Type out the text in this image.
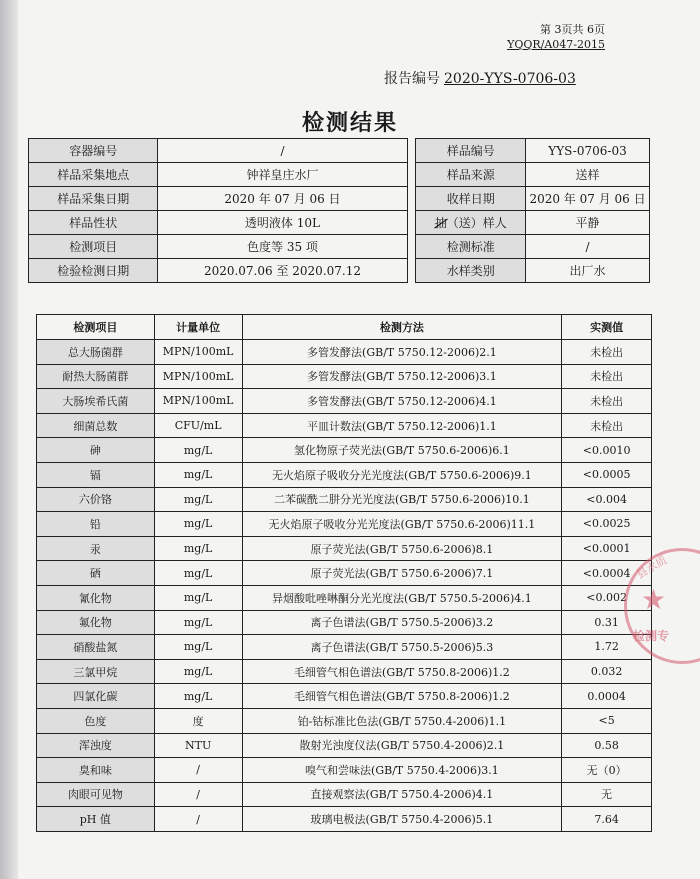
第 3页共 6页
YQQR/A047-2015
报告编号 2020-YYS-0706-03
检测结果
容器编号	/		样品编号	YYS-0706-03
样品采集地点	钟祥皇庄水厂		样品来源	送样
样品采集日期	2020 年 07 月 06 日		收样日期	2020 年 07 月 06 日
样品性状	透明液体 10L		抽（送）样人	平静
检测项目	色度等 35 项		检测标准	/
检验检测日期	2020.07.06 至 2020.07.12		水样类别	出厂水
检测项目	计量单位	检测方法	实测值
总大肠菌群	MPN/100mL	多管发酵法(GB/T 5750.12-2006)2.1	未检出
耐热大肠菌群	MPN/100mL	多管发酵法(GB/T 5750.12-2006)3.1	未检出
大肠埃希氏菌	MPN/100mL	多管发酵法(GB/T 5750.12-2006)4.1	未检出
细菌总数	CFU/mL	平皿计数法(GB/T 5750.12-2006)1.1	未检出
砷	mg/L	氢化物原子荧光法(GB/T 5750.6-2006)6.1	<0.0010
镉	mg/L	无火焰原子吸收分光光度法(GB/T 5750.6-2006)9.1	<0.0005
六价铬	mg/L	二苯碳酰二肼分光光度法(GB/T 5750.6-2006)10.1	<0.004
铅	mg/L	无火焰原子吸收分光光度法(GB/T 5750.6-2006)11.1	<0.0025
汞	mg/L	原子荧光法(GB/T 5750.6-2006)8.1	<0.0001
硒	mg/L	原子荧光法(GB/T 5750.6-2006)7.1	<0.0004
氰化物	mg/L	异烟酸吡唑啉酮分光光度法(GB/T 5750.5-2006)4.1	<0.002
氟化物	mg/L	离子色谱法(GB/T 5750.5-2006)3.2	0.31
硝酸盐氮	mg/L	离子色谱法(GB/T 5750.5-2006)5.3	1.72
三氯甲烷	mg/L	毛细管气相色谱法(GB/T 5750.8-2006)1.2	0.032
四氯化碳	mg/L	毛细管气相色谱法(GB/T 5750.8-2006)1.2	0.0004
色度	度	铂-钴标准比色法(GB/T 5750.4-2006)1.1	<5
浑浊度	NTU	散射光浊度仪法(GB/T 5750.4-2006)2.1	0.58
臭和味	/	嗅气和尝味法(GB/T 5750.4-2006)3.1	无（0）
肉眼可见物	/	直接观察法(GB/T 5750.4-2006)4.1	无
pH 值	/	玻璃电极法(GB/T 5750.4-2006)5.1	7.64
县水质
★
检测专
